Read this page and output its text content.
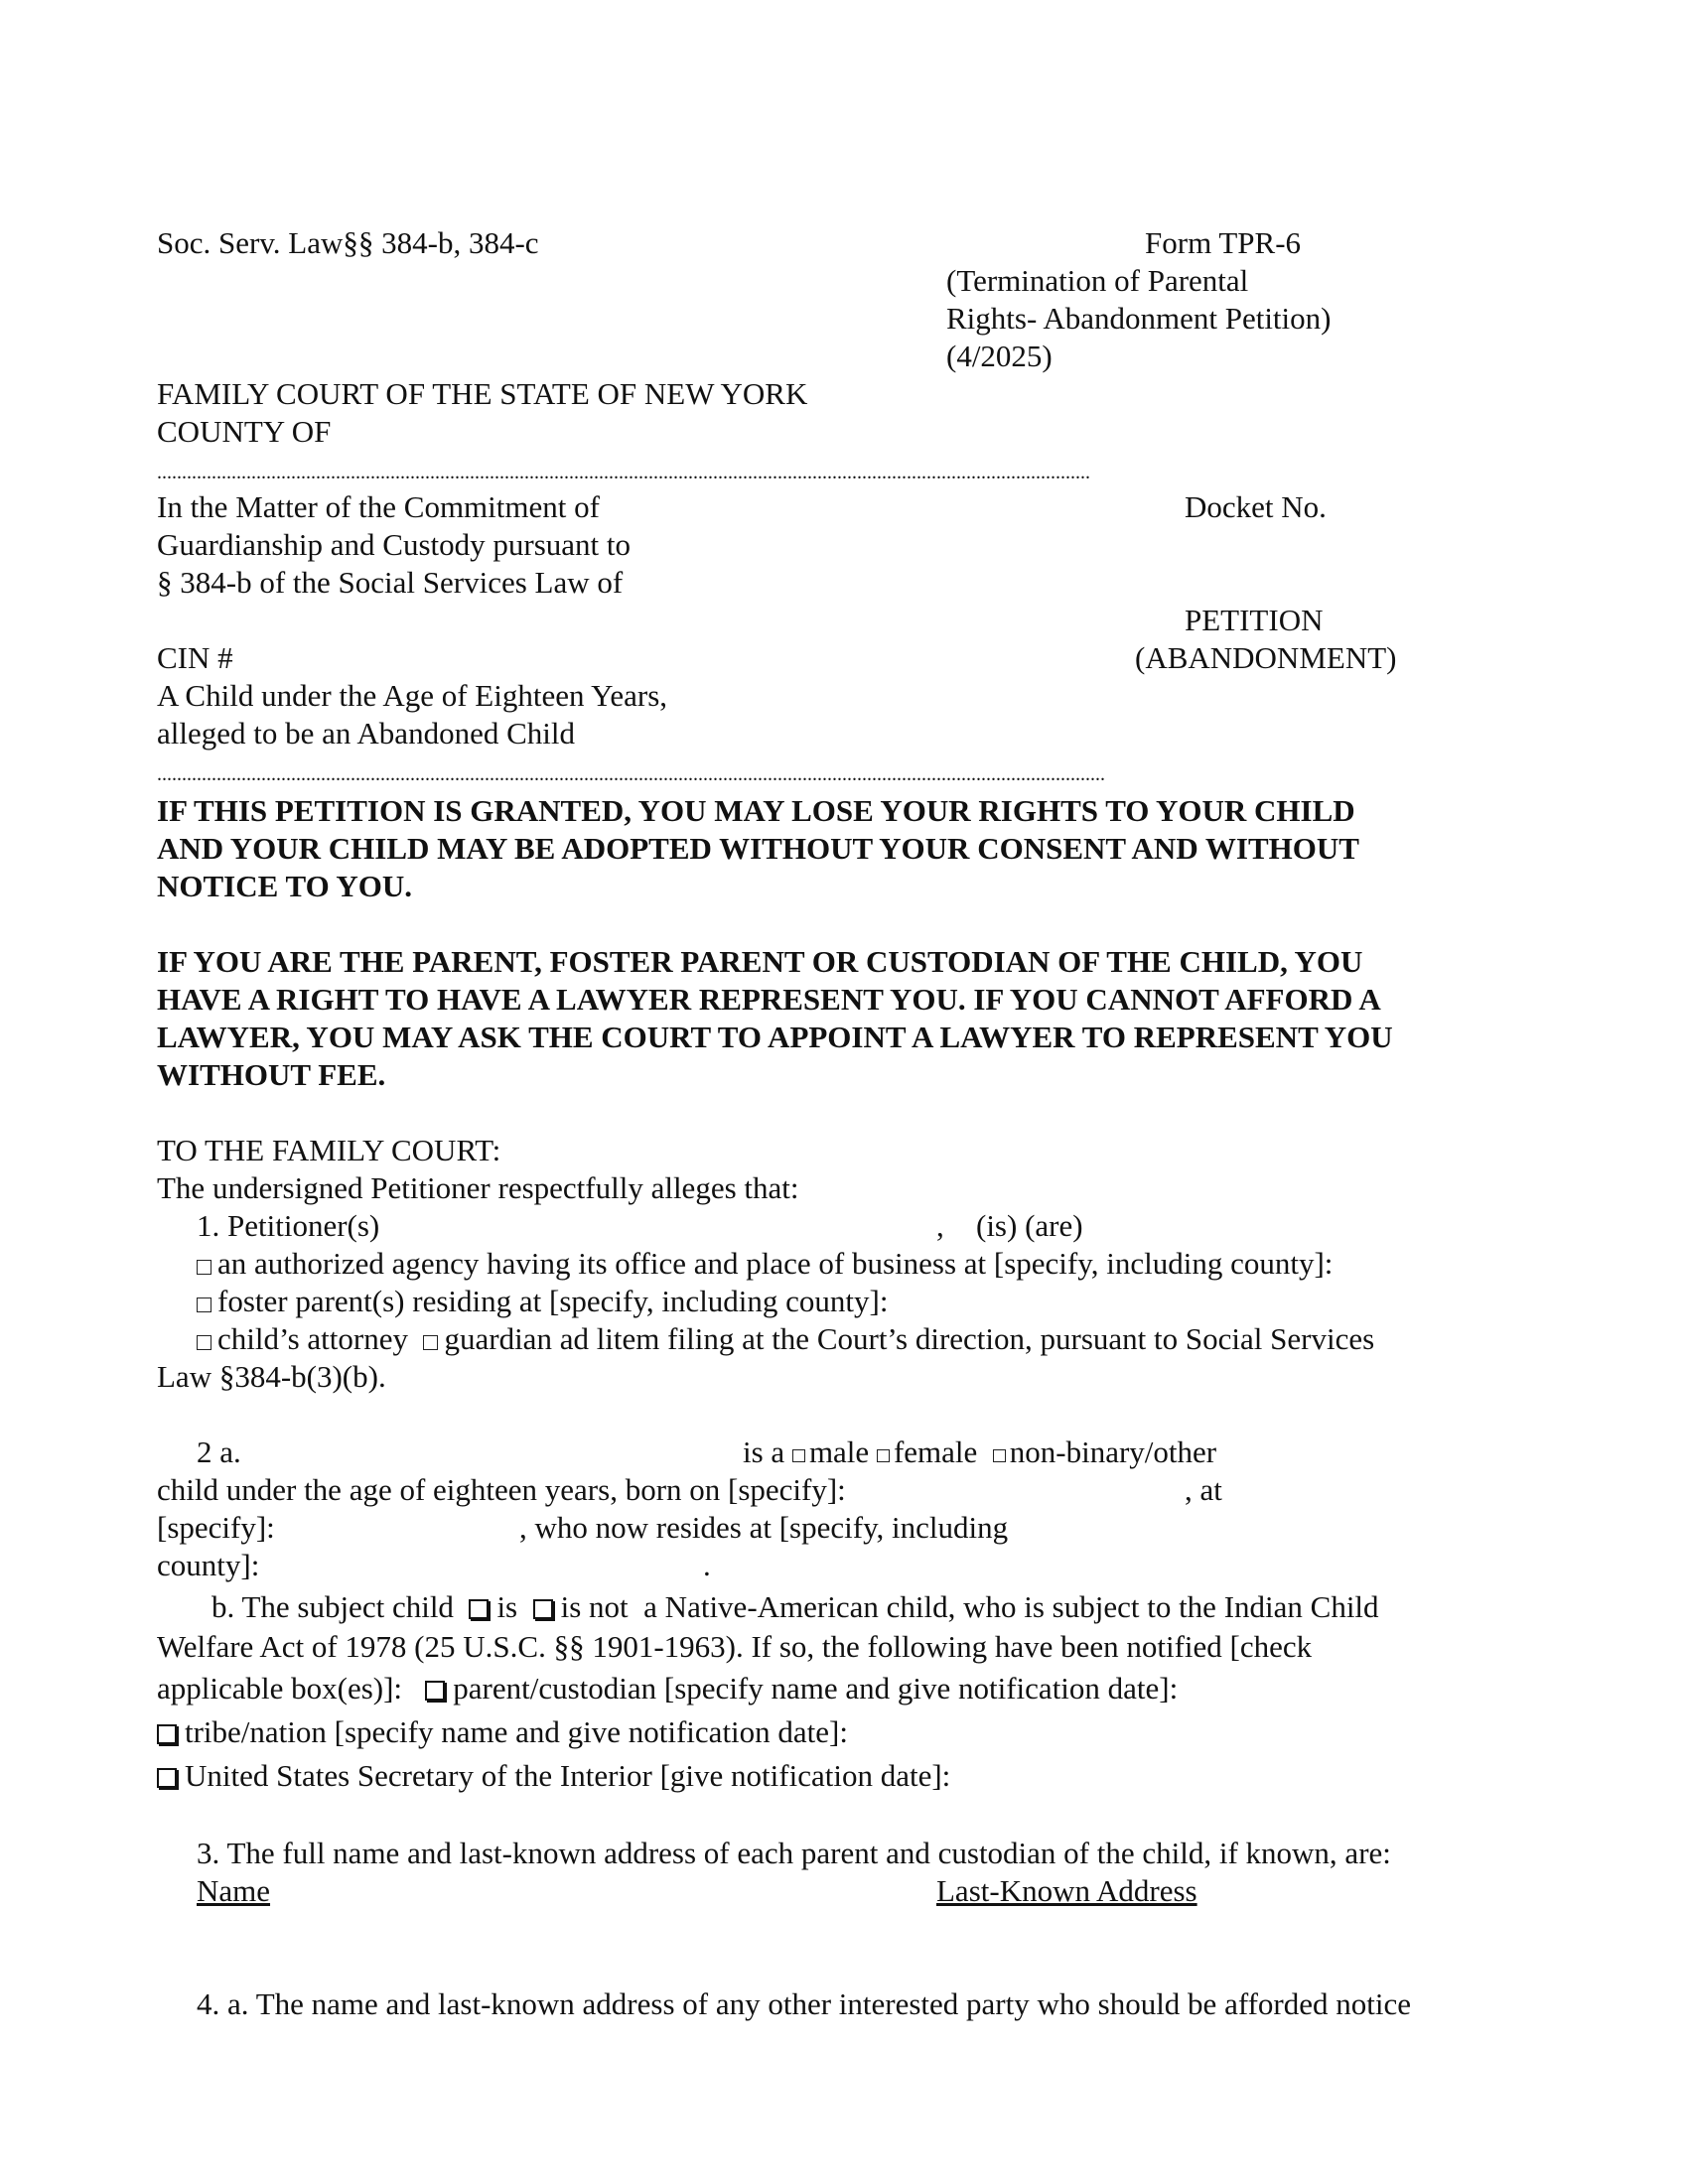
Soc. Serv. Law§§ 384-b, 384-c	Form TPR-6

(Termination of Parental

Rights- Abandonment Petition)

(4/2025)

FAMILY COURT OF THE STATE OF NEW YORK

COUNTY OF

............................................................................................................................................................................................

In the Matter of the Commitment of

Guardianship and Custody pursuant to

§ 384-b of the Social Services Law of

CIN #

A Child under the Age of Eighteen Years,

alleged to be an Abandoned Child

...............................................................................................................................................................................................

Docket No.

PETITION

(ABANDONMENT)

IF THIS PETITION IS GRANTED, YOU MAY LOSE YOUR RIGHTS TO YOUR CHILD

AND YOUR CHILD MAY BE ADOPTED WITHOUT YOUR CONSENT AND WITHOUT

NOTICE TO YOU.

IF YOU ARE THE PARENT, FOSTER PARENT OR CUSTODIAN OF THE CHILD, YOU

HAVE A RIGHT TO HAVE A LAWYER REPRESENT YOU. IF YOU CANNOT AFFORD A

LAWYER, YOU MAY ASK THE COURT TO APPOINT A LAWYER TO REPRESENT YOU

WITHOUT FEE.

TO THE FAMILY COURT:

The undersigned Petitioner respectfully alleges that:

1. Petitioner(s)	, (is) (are)

an authorized agency having its office and place of business at [specify, including county]:

foster parent(s) residing at [specify, including county]:

child’s attorney guardian ad litem filing at the Court’s direction, pursuant to Social Services

Law §384-b(3)(b).

2 a.	is a male female non-binary/other

child under the age of eighteen years, born on [specify]:	, at

[specify]:	, who now resides at [specify, including

county]:	.

b. The subject child is is not a Native-American child, who is subject to the Indian Child

Welfare Act of 1978 (25 U.S.C. §§ 1901-1963). If so, the following have been notified [check

applicable box(es)]: parent/custodian [specify name and give notification date]:

tribe/nation [specify name and give notification date]:

United States Secretary of the Interior [give notification date]:

3. The full name and last-known address of each parent and custodian of the child, if known, are:

Name	Last-Known Address

4. a. The name and last-known address of any other interested party who should be afforded notice
